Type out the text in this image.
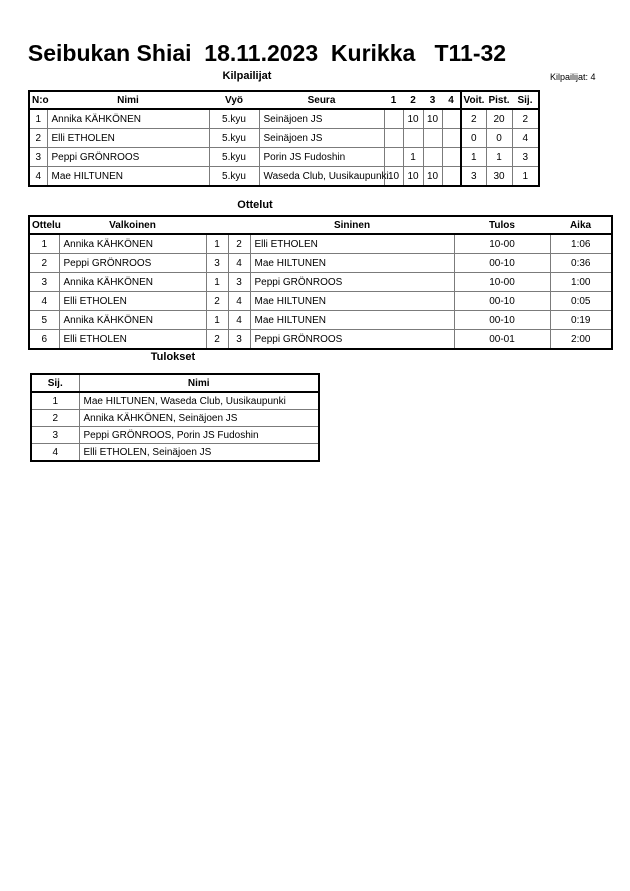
Seibukan Shiai  18.11.2023  Kurikka   T11-32
Kilpailijat	Kilpailijat: 4
N:o	Nimi	Vyö	Seura	1	2	3	4	Voit.	Pist.	Sij.
1	Annika KÄHKÖNEN	5.kyu	Seinäjoen JS		10	10		2	20	2
2	Elli ETHOLEN	5.kyu	Seinäjoen JS					0	0	4
3	Peppi GRÖNROOS	5.kyu	Porin JS Fudoshin		1			1	1	3
4	Mae HILTUNEN	5.kyu	Waseda Club, Uusikaupunki	10	10	10		3	30	1
Ottelut
Ottelu	Valkoinen			Sininen	Tulos	Aika
1	Annika KÄHKÖNEN	1	2	Elli ETHOLEN	10-00	1:06
2	Peppi GRÖNROOS	3	4	Mae HILTUNEN	00-10	0:36
3	Annika KÄHKÖNEN	1	3	Peppi GRÖNROOS	10-00	1:00
4	Elli ETHOLEN	2	4	Mae HILTUNEN	00-10	0:05
5	Annika KÄHKÖNEN	1	4	Mae HILTUNEN	00-10	0:19
6	Elli ETHOLEN	2	3	Peppi GRÖNROOS	00-01	2:00
Tulokset
Sij.	Nimi
1	Mae HILTUNEN, Waseda Club, Uusikaupunki
2	Annika KÄHKÖNEN, Seinäjoen JS
3	Peppi GRÖNROOS, Porin JS Fudoshin
4	Elli ETHOLEN, Seinäjoen JS
